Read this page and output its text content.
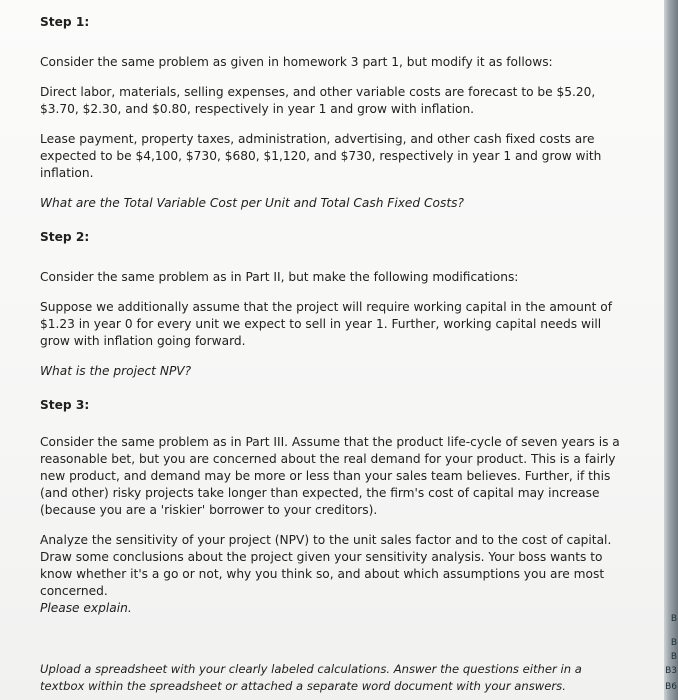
Step 1:
Consider the same problem as given in homework 3 part 1, but modify it as follows:
Direct labor, materials, selling expenses, and other variable costs are forecast to be $5.20, $3.70, $2.30, and $0.80, respectively in year 1 and grow with inflation.
Lease payment, property taxes, administration, advertising, and other cash fixed costs are expected to be $4,100, $730, $680, $1,120, and $730, respectively in year 1 and grow with inflation.
What are the Total Variable Cost per Unit and Total Cash Fixed Costs?
Step 2:
Consider the same problem as in Part II, but make the following modifications:
Suppose we additionally assume that the project will require working capital in the amount of $1.23 in year 0 for every unit we expect to sell in year 1. Further, working capital needs will grow with inflation going forward.
What is the project NPV?
Step 3:
Consider the same problem as in Part III. Assume that the product life-cycle of seven years is a reasonable bet, but you are concerned about the real demand for your product. This is a fairly new product, and demand may be more or less than your sales team believes. Further, if this (and other) risky projects take longer than expected, the firm's cost of capital may increase (because you are a 'riskier' borrower to your creditors).
Analyze the sensitivity of your project (NPV) to the unit sales factor and to the cost of capital. Draw some conclusions about the project given your sensitivity analysis. Your boss wants to know whether it's a go or not, why you think so, and about which assumptions you are most concerned.
Please explain.
Upload a spreadsheet with your clearly labeled calculations. Answer the questions either in a textbox within the spreadsheet or attached a separate word document with your answers.
B
B
B
B3
B6
